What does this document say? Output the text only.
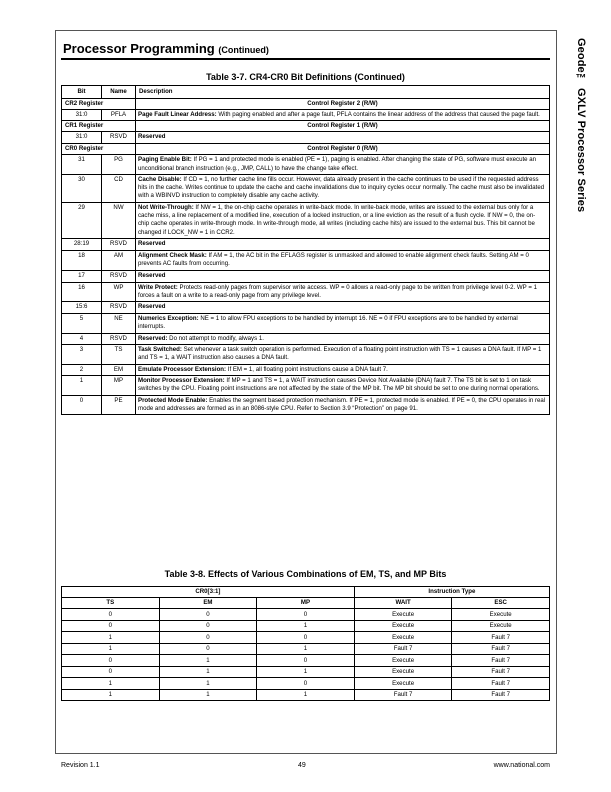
Geode™ GXLV Processor Series
Processor Programming (Continued)
Table 3-7. CR4-CR0 Bit Definitions (Continued)
Bit	Name	Description
CR2 Register		Control Register 2 (R/W)
31:0	PFLA	Page Fault Linear Address: With paging enabled and after a page fault, PFLA contains the linear address of the address that caused the page fault.
CR1 Register		Control Register 1 (R/W)
31:0	RSVD	Reserved
CR0 Register		Control Register 0 (R/W)
31	PG	Paging Enable Bit: If PG = 1 and protected mode is enabled (PE = 1), paging is enabled. After changing the state of PG, software must execute an unconditional branch instruction (e.g., JMP, CALL) to have the change take effect.
30	CD	Cache Disable: If CD = 1, no further cache line fills occur. However, data already present in the cache continues to be used if the requested address hits in the cache. Writes continue to update the cache and cache invalidations due to inquiry cycles occur normally. The cache must also be invalidated with a WBINVD instruction to completely disable any cache activity.
29	NW	Not Write-Through: If NW = 1, the on-chip cache operates in write-back mode. In write-back mode, writes are issued to the external bus only for a cache miss, a line replacement of a modified line, execution of a locked instruction, or a line eviction as the result of a flush cycle. If NW = 0, the on-chip cache operates in write-through mode. In write-through mode, all writes (including cache hits) are issued to the external bus. This bit cannot be changed if LOCK_NW = 1 in CCR2.
28:19	RSVD	Reserved
18	AM	Alignment Check Mask: If AM = 1, the AC bit in the EFLAGS register is unmasked and allowed to enable alignment check faults. Setting AM = 0 prevents AC faults from occurring.
17	RSVD	Reserved
16	WP	Write Protect: Protects read-only pages from supervisor write access. WP = 0 allows a read-only page to be written from privilege level 0-2. WP = 1 forces a fault on a write to a read-only page from any privilege level.
15:6	RSVD	Reserved
5	NE	Numerics Exception: NE = 1 to allow FPU exceptions to be handled by interrupt 16. NE = 0 if FPU exceptions are to be handled by external interrupts.
4	RSVD	Reserved: Do not attempt to modify, always 1.
3	TS	Task Switched: Set whenever a task switch operation is performed. Execution of a floating point instruction with TS = 1 causes a DNA fault. If MP = 1 and TS = 1, a WAIT instruction also causes a DNA fault.
2	EM	Emulate Processor Extension: If EM = 1, all floating point instructions cause a DNA fault 7.
1	MP	Monitor Processor Extension: If MP = 1 and TS = 1, a WAIT instruction causes Device Not Available (DNA) fault 7. The TS bit is set to 1 on task switches by the CPU. Floating point instructions are not affected by the state of the MP bit. The MP bit should be set to one during normal operations.
0	PE	Protected Mode Enable: Enables the segment based protection mechanism. If PE = 1, protected mode is enabled. If PE = 0, the CPU operates in real mode and addresses are formed as in an 8086-style CPU. Refer to Section 3.9 “Protection” on page 91.
Table 3-8. Effects of Various Combinations of EM, TS, and MP Bits
CR0[3:1]			Instruction Type	
TS	EM	MP	WAIT	ESC
0	0	0	Execute	Execute
0	0	1	Execute	Execute
1	0	0	Execute	Fault 7
1	0	1	Fault 7	Fault 7
0	1	0	Execute	Fault 7
0	1	1	Execute	Fault 7
1	1	0	Execute	Fault 7
1	1	1	Fault 7	Fault 7
Revision 1.1	49	www.national.com
